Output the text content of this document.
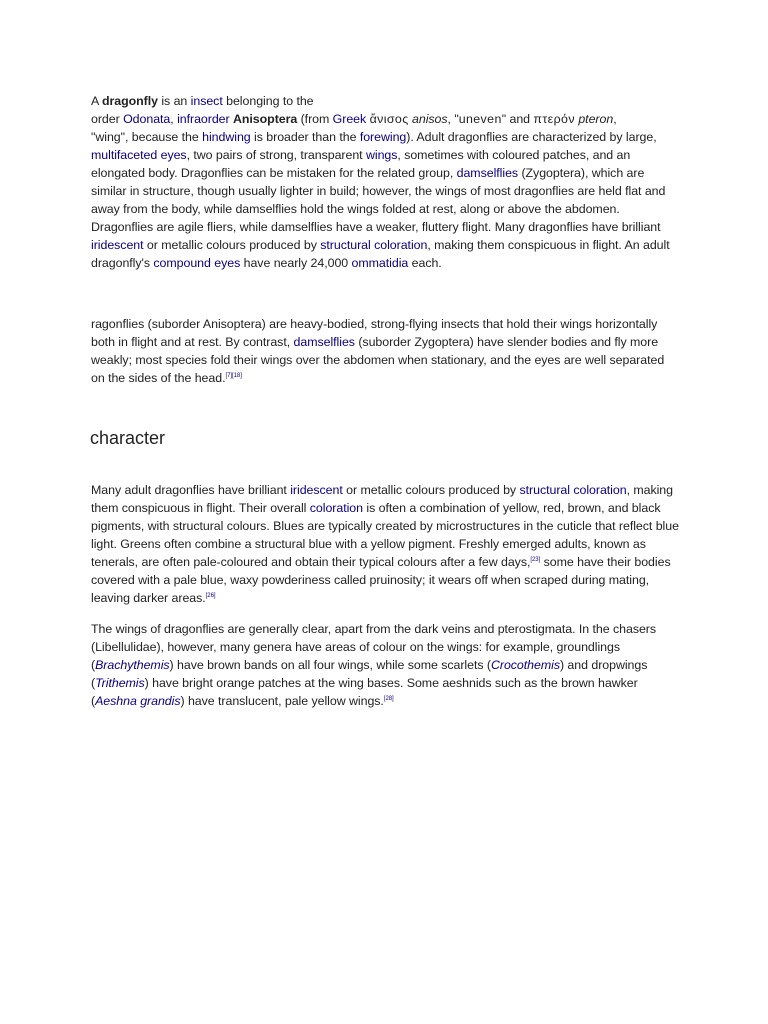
A dragonfly is an insect belonging to the
order Odonata, infraorder Anisoptera (from Greek ἄνισος anisos, "uneven" and πτερόν pteron,
"wing", because the hindwing is broader than the forewing). Adult dragonflies are characterized by large, multifaceted eyes, two pairs of strong, transparent wings, sometimes with coloured patches, and an elongated body. Dragonflies can be mistaken for the related group, damselflies (Zygoptera), which are similar in structure, though usually lighter in build; however, the wings of most dragonflies are held flat and away from the body, while damselflies hold the wings folded at rest, along or above the abdomen. Dragonflies are agile fliers, while damselflies have a weaker, fluttery flight. Many dragonflies have brilliant iridescent or metallic colours produced by structural coloration, making them conspicuous in flight. An adult dragonfly's compound eyes have nearly 24,000 ommatidia each.

ragonflies (suborder Anisoptera) are heavy-bodied, strong-flying insects that hold their wings horizontally both in flight and at rest. By contrast, damselflies (suborder Zygoptera) have slender bodies and fly more weakly; most species fold their wings over the abdomen when stationary, and the eyes are well separated on the sides of the head.[7][18]

character

Many adult dragonflies have brilliant iridescent or metallic colours produced by structural coloration, making them conspicuous in flight. Their overall coloration is often a combination of yellow, red, brown, and black pigments, with structural colours. Blues are typically created by microstructures in the cuticle that reflect blue light. Greens often combine a structural blue with a yellow pigment. Freshly emerged adults, known as tenerals, are often pale-coloured and obtain their typical colours after a few days,[23] some have their bodies covered with a pale blue, waxy powderiness called pruinosity; it wears off when scraped during mating, leaving darker areas.[26]

The wings of dragonflies are generally clear, apart from the dark veins and pterostigmata. In the chasers (Libellulidae), however, many genera have areas of colour on the wings: for example, groundlings (Brachythemis) have brown bands on all four wings, while some scarlets (Crocothemis) and dropwings (Trithemis) have bright orange patches at the wing bases. Some aeshnids such as the brown hawker (Aeshna grandis) have translucent, pale yellow wings.[28]
